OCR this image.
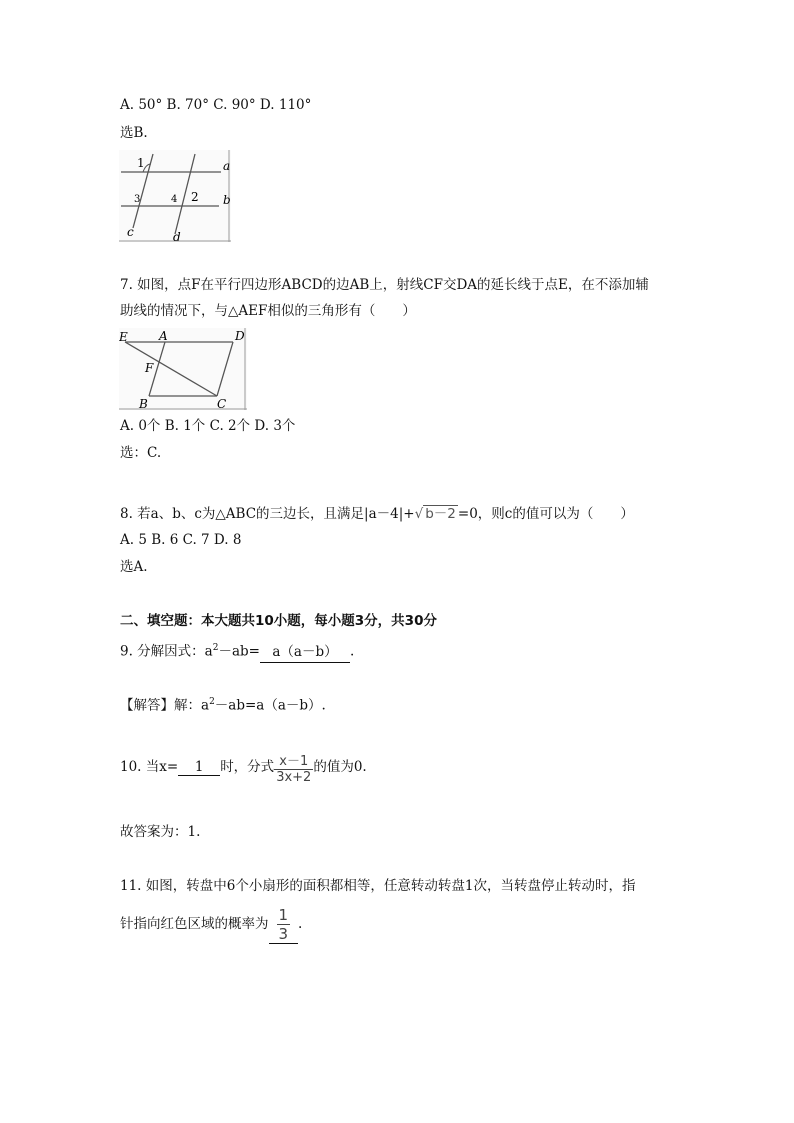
A. 50° B. 70° C. 90° D. 110°
选B.
1	a
b
3	4 2
c	d
7. 如图，点F在平行四边形ABCD的边AB上，射线CF交DA的延长线于点E，在不添加辅
助线的情况下，与△AEF相似的三角形有（　　）
E	A	D
F
B	C
A. 0个 B. 1个 C. 2个 D. 3个
选：C.
8. 若a、b、c为△ABC的三边长，且满足|a－4|+√ b－2 =0，则c的值可以为（　　）
A. 5 B. 6 C. 7 D. 8
选A.
二、填空题：本大题共10小题，每小题3分，共30分
9. 分解因式：$a^2-ab= a(a-b)$ .
【解答】解：$a^2-ab=a(a-b)$.
10. 当x= 1 时，分式 $\frac{x-1}{3x+2}$ 的值为0.
故答案为：1.
11. 如图，转盘中6个小扇形的面积都相等，任意转动转盘1次，当转盘停止转动时，指
针指向红色区域的概率为 $\frac{1}{3}$ .
